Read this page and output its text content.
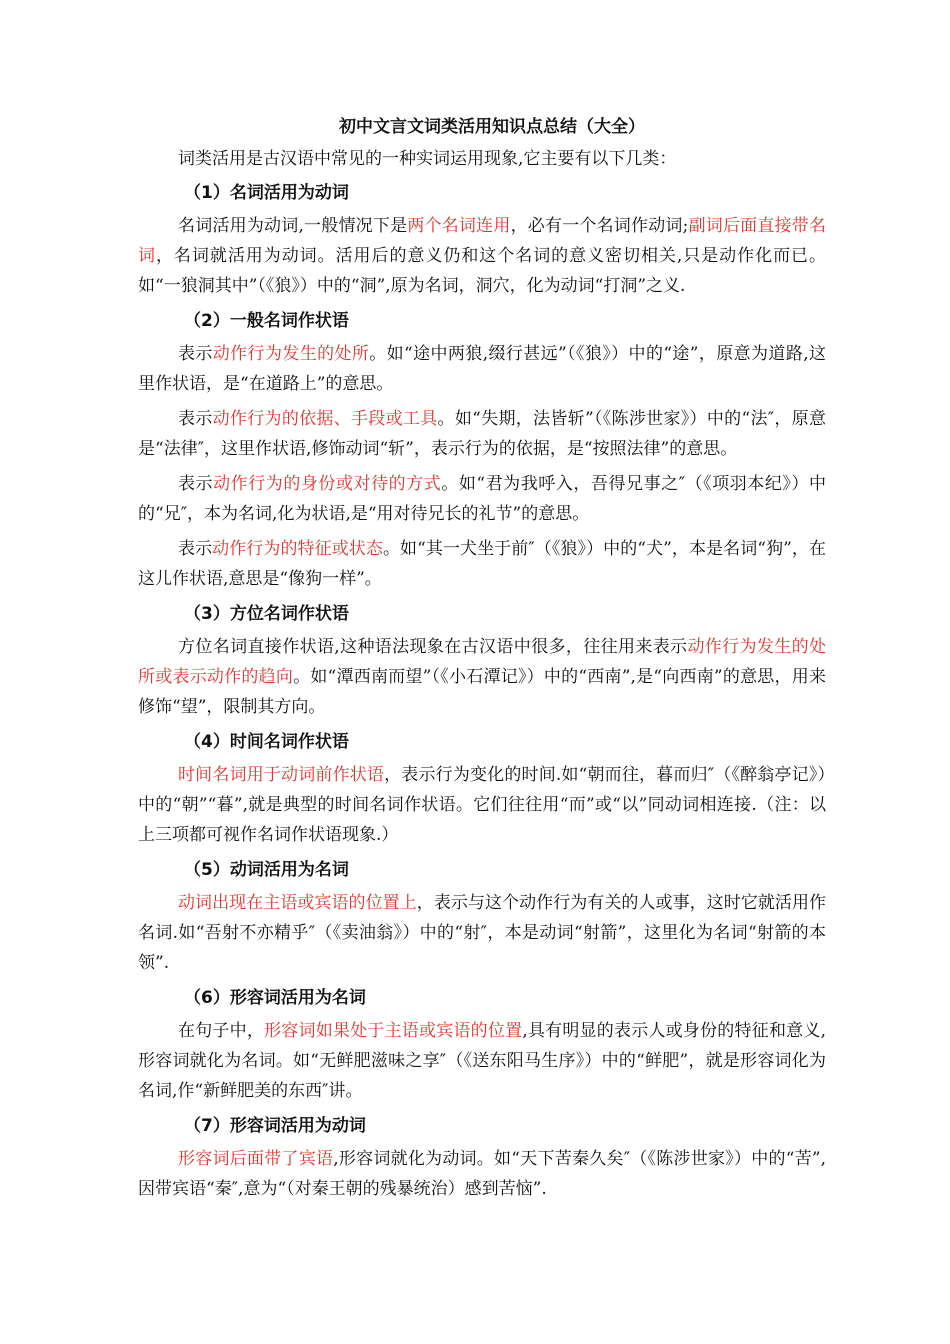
初中文言文词类活用知识点总结（大全）
词类活用是古汉语中常见的一种实词运用现象,它主要有以下几类：
（1）名词活用为动词
名词活用为动词,一般情况下是两个名词连用，必有一个名词作动词;副词后面直接带名词，名词就活用为动词。活用后的意义仍和这个名词的意义密切相关,只是动作化而已。如“一狼洞其中”（《狼》）中的“洞”,原为名词，洞穴，化为动词“打洞”之义.
（2）一般名词作状语
表示动作行为发生的处所。如“途中两狼,缀行甚远”（《狼》）中的“途”，原意为道路,这里作状语，是“在道路上”的意思。
表示动作行为的依据、手段或工具。如“失期，法皆斩”（《陈涉世家》）中的“法″，原意是“法律″，这里作状语,修饰动词“斩”，表示行为的依据，是“按照法律”的意思。
表示动作行为的身份或对待的方式。如“君为我呼入，吾得兄事之″（《项羽本纪》）中的“兄″，本为名词,化为状语,是“用对待兄长的礼节”的意思。
表示动作行为的特征或状态。如“其一犬坐于前″（《狼》）中的“犬”，本是名词“狗”，在这儿作状语,意思是“像狗一样”。
（3）方位名词作状语
方位名词直接作状语,这种语法现象在古汉语中很多，往往用来表示动作行为发生的处所或表示动作的趋向。如“潭西南而望”（《小石潭记》）中的“西南”,是“向西南”的意思，用来修饰“望”，限制其方向。
（4）时间名词作状语
时间名词用于动词前作状语，表示行为变化的时间.如“朝而往，暮而归″（《醉翁亭记》）中的“朝”“暮”,就是典型的时间名词作状语。它们往往用“而”或“以”同动词相连接.（注：以上三项都可视作名词作状语现象.）
（5）动词活用为名词
动词出现在主语或宾语的位置上，表示与这个动作行为有关的人或事，这时它就活用作名词.如“吾射不亦精乎″（《卖油翁》）中的“射″，本是动词“射箭”，这里化为名词“射箭的本领”.
（6）形容词活用为名词
在句子中，形容词如果处于主语或宾语的位置,具有明显的表示人或身份的特征和意义,形容词就化为名词。如“无鲜肥滋味之享″（《送东阳马生序》）中的“鲜肥”，就是形容词化为名词,作“新鲜肥美的东西″讲。
（7）形容词活用为动词
形容词后面带了宾语,形容词就化为动词。如“天下苦秦久矣″（《陈涉世家》）中的“苦”,因带宾语“秦″,意为“（对秦王朝的残暴统治）感到苦恼”.
